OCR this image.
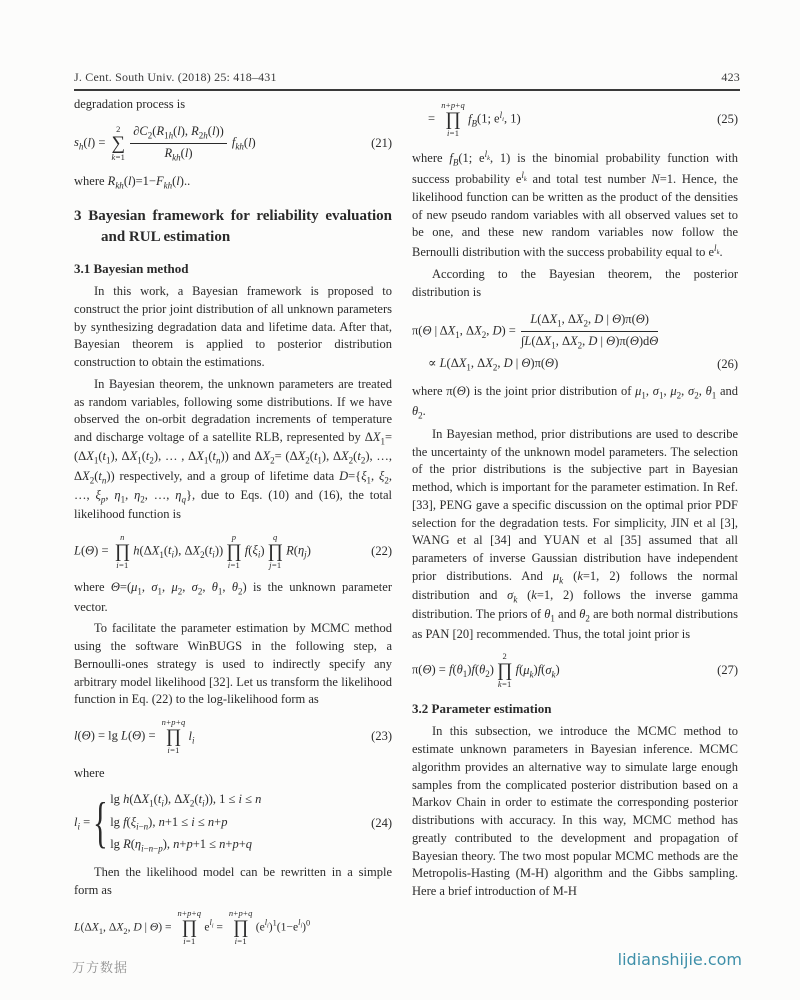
J. Cent. South Univ. (2018) 25: 418–431	423

degradation process is

$s_h(l)$ =
2
∑
$k=1 \frac{\partial C_2(R_{1h}(l), R_{2h}(l))}{R_{kh}(l)} f_{kh}(l)$	(21)

where $R_{kh}(l)=1-F_{kh}(l)$..

3 Bayesian framework for reliability evaluation and RUL estimation
3.1 Bayesian method

In this work, a Bayesian framework is proposed to construct the prior joint distribution of all unknown parameters by synthesizing degradation data and lifetime data. After that, Bayesian theorem is applied to posterior distribution construction to obtain the estimations.

In Bayesian theorem, the unknown parameters are treated as random variables, following some distributions. If we have observed the on-orbit degradation increments of temperature and discharge voltage of a satellite RLB, represented by $\Delta X_1=(\Delta X_1(t_1)$, $\Delta X_1(t_2)$, … , $\Delta X_1(t_n)$) and $\Delta X_2= (\Delta X_2(t_1)$, $\Delta X_2(t_2)$, …, $\Delta X_2(t_n)$) respectively, and a group of lifetime data $D=\{\xi_1$, $\xi_2$, …, $\xi_p$, $\eta_1$, $\eta_2$, …, $\eta_q$}, due to Eqs. (10) and (16), the total likelihood function is

L(Θ) =
n
∏
i=1
$h(\Delta X_1(t_i)$, $\Delta X_2(t_i)$)
p
∏
i=1
$f(\xi_i)$
q
∏
j=1
$R(\eta_j)$	(22)

where $\Theta=(\mu_1$, $\sigma_1$, $\mu_2$, $\sigma_2$, $\theta_1$, $\theta_2$) is the unknown parameter vector.

To facilitate the parameter estimation by MCMC method using the software WinBUGS in the following step, a Bernoulli-ones strategy is used to indirectly specify any arbitrary model likelihood [32]. Let us transform the likelihood function in Eq. (22) to the log-likelihood form as

l(Θ) = lg L(Θ) =
n+p+q
∏
i=1
$l_i$	(23)

where

$l_i$ = { $\lg h(\Delta X_1(t_i)$, $\Delta X_2(t_i)$), 1 ≤ i ≤ n
$\lg f(\xi_{i-n})$, n+1 ≤ i ≤ n+p
$\lg R(\eta_{i-n-p})$, n+p+1 ≤ n+p+q
(24)

Then the likelihood model can be rewritten in a simple form as

$L(\Delta X_1$, $\Delta X_2$, D | Θ) =
n+p+q
∏
i=1
$e^{l_i}$ =
n+p+q
∏
i=1
$(e^{l_i})^1(1-e^{l_i})^0$
=
n+p+q
∏
i=1
$f_B(1$; $e^{l_i}$, 1)	(25)

where $f_B(1$; $e^{l_k}$, 1) is the binomial probability function with success probability $e^{l_k}$ and total test number N=1. Hence, the likelihood function can be written as the product of the densities of new pseudo random variables with all observed values set to be one, and these new random variables now follow the Bernoulli distribution with the success probability equal to $e^{l_k}$.

According to the Bayesian theorem, the posterior distribution is

π(Θ | $\Delta X_1$, $\Delta X_2$, $D) = \frac{L(\Delta X_1, \Delta X_2, D | \Theta)\pi(\Theta)}{\int L(\Delta X_1, \Delta X_2, D | \Theta)\pi(\Theta)d\Theta}$
∝ $L(\Delta X_1$, $\Delta X_2$, D | Θ)π(Θ)	(26)

where π(Θ) is the joint prior distribution of $\mu_1$, $\sigma_1$, $\mu_2$, $\sigma_2$, $\theta_1$ and $\theta_2$.

In Bayesian method, prior distributions are used to describe the uncertainty of the unknown model parameters. The selection of the prior distributions is the subjective part in Bayesian method, which is important for the parameter estimation. In Ref. [33], PENG gave a specific discussion on the optimal prior PDF selection for the degradation tests. For simplicity, JIN et al [3], WANG et al [34] and YUAN et al [35] assumed that all parameters of inverse Gaussian distribution have independent prior distributions. And $\mu_k$ (k=1, 2) follows the normal distribution and $\sigma_k$ (k=1, 2) follows the inverse gamma distribution. The priors of $\theta_1$ and $\theta_2$ are both normal distributions as PAN [20] recommended. Thus, the total joint prior is

$\pi(\Theta) = f(\theta_1)f(\theta_2)$
2
∏
k=1
$f(\mu_k)f(\sigma_k)$	(27)
3.2 Parameter estimation

In this subsection, we introduce the MCMC method to estimate unknown parameters in Bayesian inference. MCMC algorithm provides an alternative way to simulate large enough samples from the complicated posterior distribution based on a Markov Chain in order to estimate the corresponding posterior distributions with accuracy. In this way, MCMC method has greatly contributed to the development and propagation of Bayesian theory. The two most popular MCMC methods are the Metropolis-Hasting (M-H) algorithm and the Gibbs sampling. Here a brief introduction of M-H

万方数据	lidianshijie.com
